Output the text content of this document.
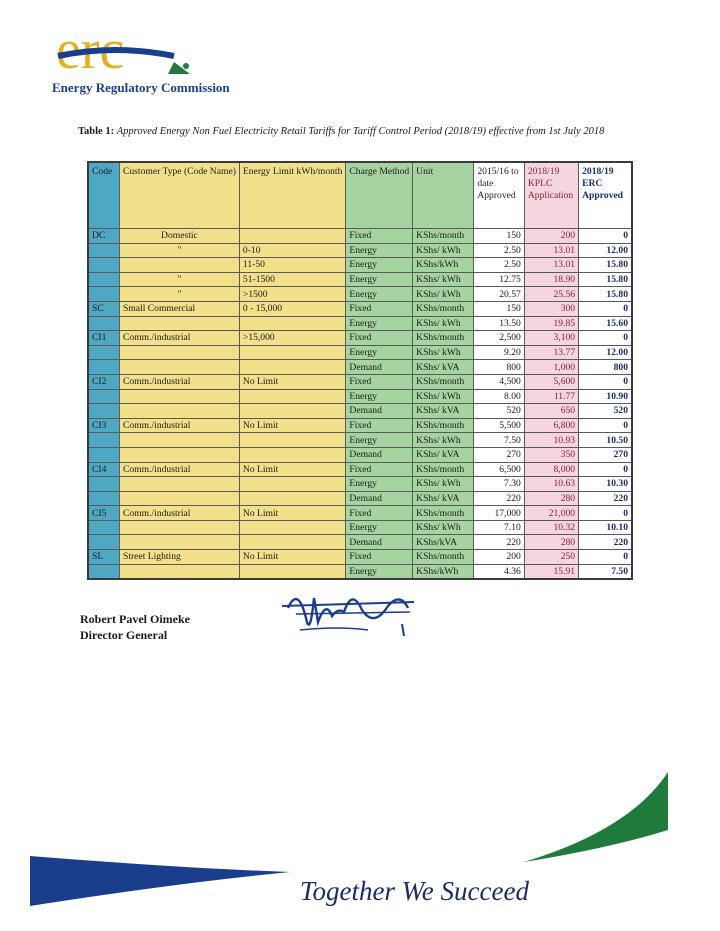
erc
Energy Regulatory Commission
Table 1: Approved Energy Non Fuel Electricity Retail Tariffs for Tariff Control Period (2018/19) effective from 1st July 2018
Code	Customer Type (Code Name)	Energy Limit kWh/month	Charge Method	Unit	2015/16 to date Approved	2018/19 KPLC Application	2018/19 ERC Approved
DC	Domestic		Fixed	KShs/month	150	200	0
	"	0-10	Energy	KShs/ kWh	2.50	13.01	12.00
		11-50	Energy	KShs/kWh	2.50	13.01	15.80
	"	51-1500	Energy	KShs/ kWh	12.75	18.90	15.80
	"	>1500	Energy	KShs/ kWh	20.57	25.56	15.80
SC	Small Commercial	0 - 15,000	Fixed	KShs/month	150	300	0
			Energy	KShs/ kWh	13.50	19.85	15.60
CI1	Comm./industrial	>15,000	Fixed	KShs/month	2,500	3,100	0
			Energy	KShs/ kWh	9.20	13.77	12.00
			Demand	KShs/ kVA	800	1,000	800
CI2	Comm./industrial	No Limit	Fixed	KShs/month	4,500	5,600	0
			Energy	KShs/ kWh	8.00	11.77	10.90
			Demand	KShs/ kVA	520	650	520
CI3	Comm./industrial	No Limit	Fixed	KShs/month	5,500	6,800	0
			Energy	KShs/ kWh	7.50	10.93	10.50
			Demand	KShs/ kVA	270	350	270
CI4	Comm./industrial	No Limit	Fixed	KShs/month	6,500	8,000	0
			Energy	KShs/ kWh	7.30	10.63	10.30
			Demand	KShs/ kVA	220	280	220
CI5	Comm./industrial	No Limit	Fixed	KShs/month	17,000	21,000	0
			Energy	KShs/ kWh	7.10	10.32	10.10
			Demand	KShs/kVA	220	280	220
SL	Street Lighting	No Limit	Fixed	KShs/month	200	250	0
			Energy	KShs/kWh	4.36	15.91	7.50
Robert Pavel Oimeke
Director General
Together We Succeed
